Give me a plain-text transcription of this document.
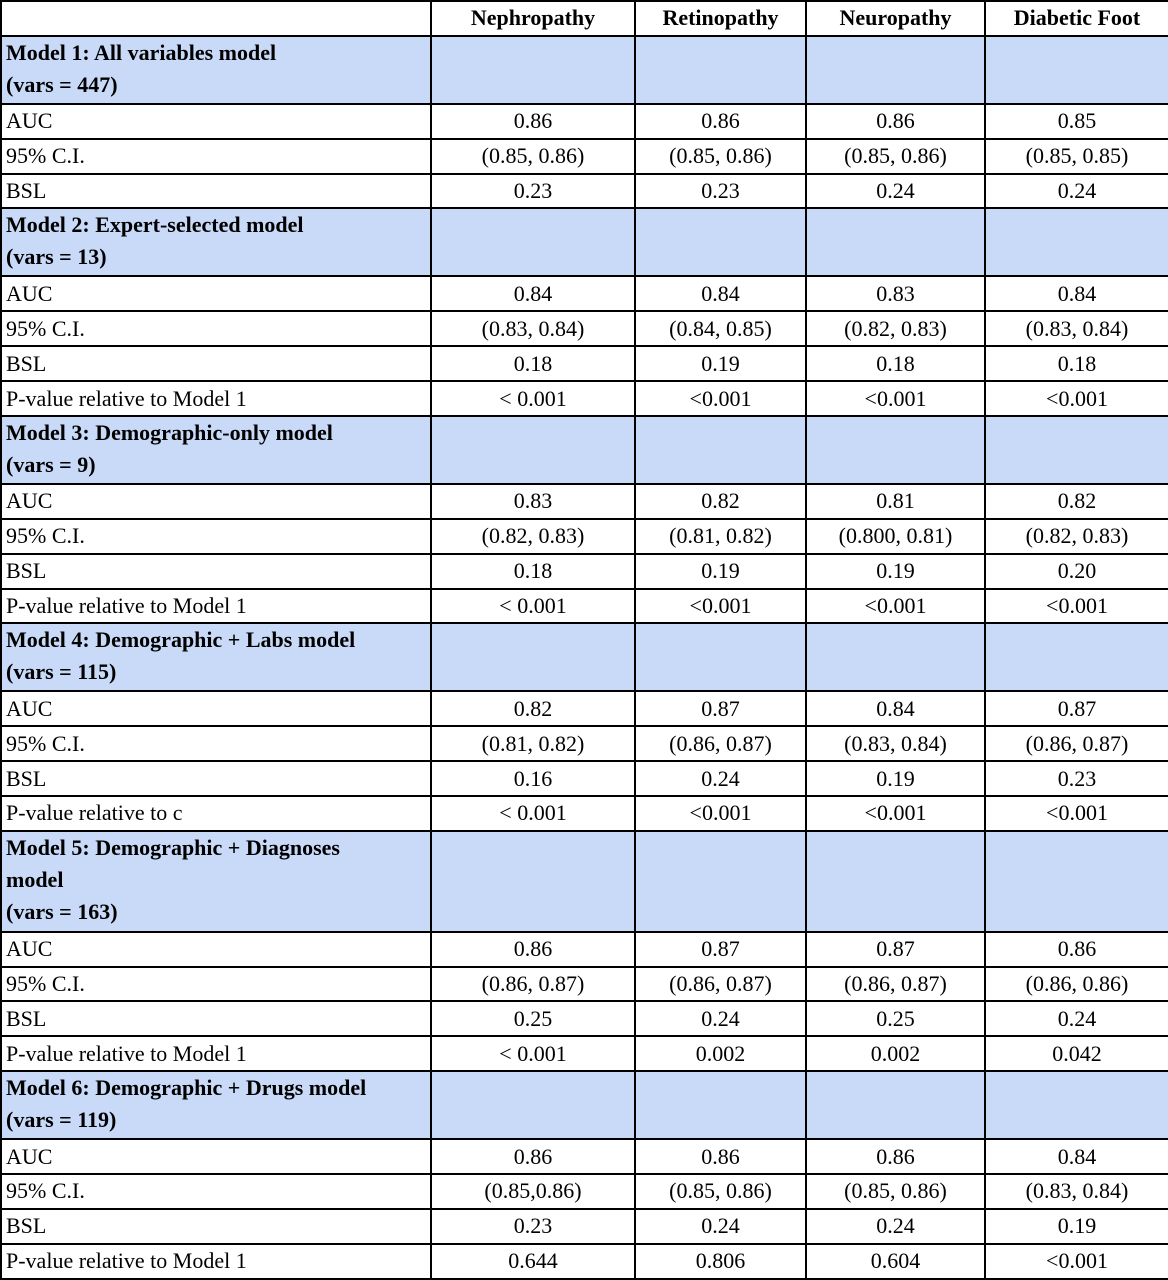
	Nephropathy	Retinopathy	Neuropathy	Diabetic Foot
Model 1: All variables model
(vars = 447)				
AUC	0.86	0.86	0.86	0.85
95% C.I.	(0.85, 0.86)	(0.85, 0.86)	(0.85, 0.86)	(0.85, 0.85)
BSL	0.23	0.23	0.24	0.24
Model 2: Expert-selected model
(vars = 13)				
AUC	0.84	0.84	0.83	0.84
95% C.I.	(0.83, 0.84)	(0.84, 0.85)	(0.82, 0.83)	(0.83, 0.84)
BSL	0.18	0.19	0.18	0.18
P-value relative to Model 1	< 0.001	<0.001	<0.001	<0.001
Model 3: Demographic-only model
(vars = 9)				
AUC	0.83	0.82	0.81	0.82
95% C.I.	(0.82, 0.83)	(0.81, 0.82)	(0.800, 0.81)	(0.82, 0.83)
BSL	0.18	0.19	0.19	0.20
P-value relative to Model 1	< 0.001	<0.001	<0.001	<0.001
Model 4: Demographic + Labs model
(vars = 115)				
AUC	0.82	0.87	0.84	0.87
95% C.I.	(0.81, 0.82)	(0.86, 0.87)	(0.83, 0.84)	(0.86, 0.87)
BSL	0.16	0.24	0.19	0.23
P-value relative to c	< 0.001	<0.001	<0.001	<0.001
Model 5: Demographic + Diagnoses
model
(vars = 163)				
AUC	0.86	0.87	0.87	0.86
95% C.I.	(0.86, 0.87)	(0.86, 0.87)	(0.86, 0.87)	(0.86, 0.86)
BSL	0.25	0.24	0.25	0.24
P-value relative to Model 1	< 0.001	0.002	0.002	0.042
Model 6: Demographic + Drugs model
(vars = 119)				
AUC	0.86	0.86	0.86	0.84
95% C.I.	(0.85,0.86)	(0.85, 0.86)	(0.85, 0.86)	(0.83, 0.84)
BSL	0.23	0.24	0.24	0.19
P-value relative to Model 1	0.644	0.806	0.604	<0.001
